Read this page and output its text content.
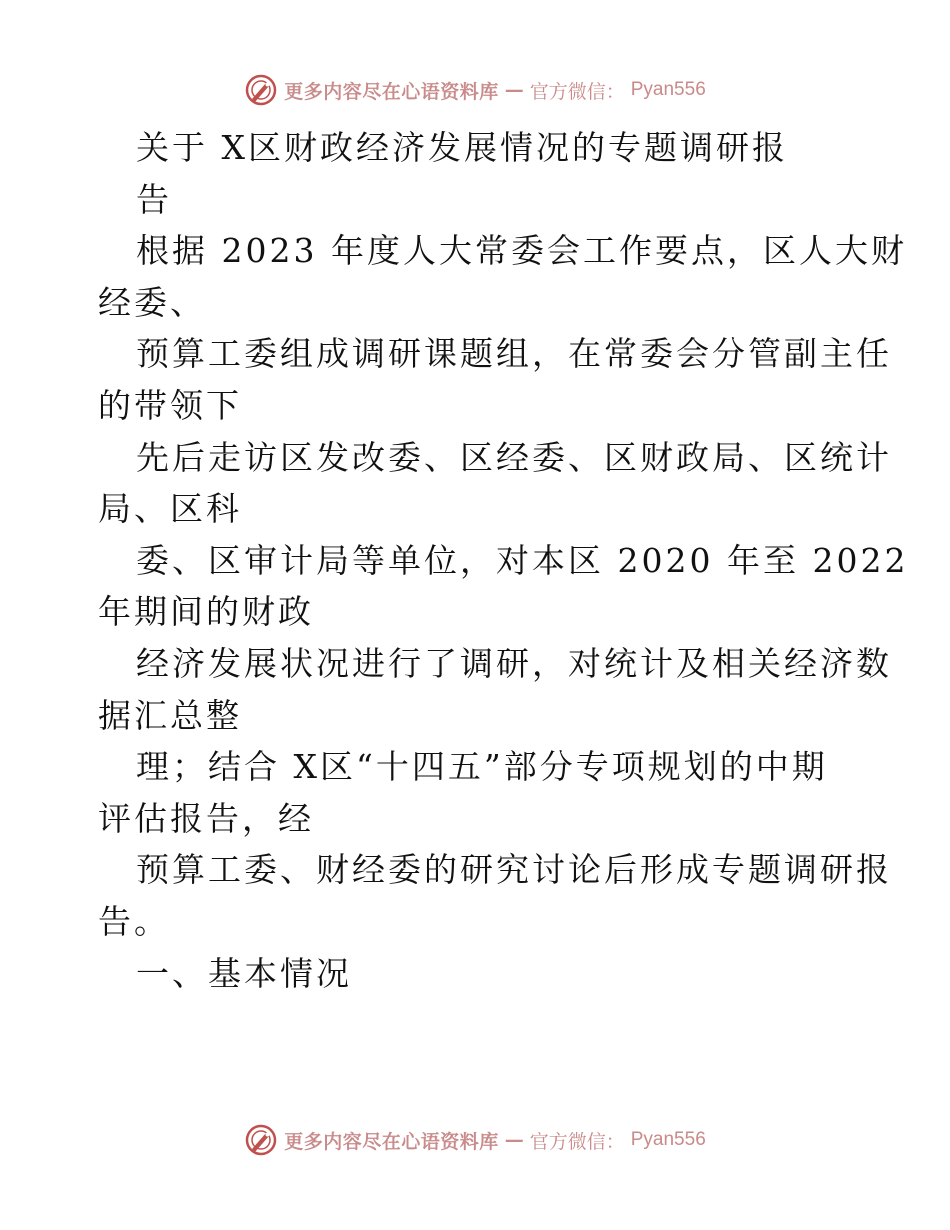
更多内容尽在心语资料库 — 官方微信： Pyan556
关于 X区财政经济发展情况的专题调研报
告
根据 2023 年度人大常委会工作要点，区人大财
经委、
预算工委组成调研课题组，在常委会分管副主任
的带领下
先后走访区发改委、区经委、区财政局、区统计
局、区科
委、区审计局等单位，对本区 2020 年至 2022
年期间的财政
经济发展状况进行了调研，对统计及相关经济数
据汇总整
理；结合 X区“十四五”部分专项规划的中期
评估报告，经
预算工委、财经委的研究讨论后形成专题调研报
告。
一、基本情况
更多内容尽在心语资料库 — 官方微信： Pyan556
